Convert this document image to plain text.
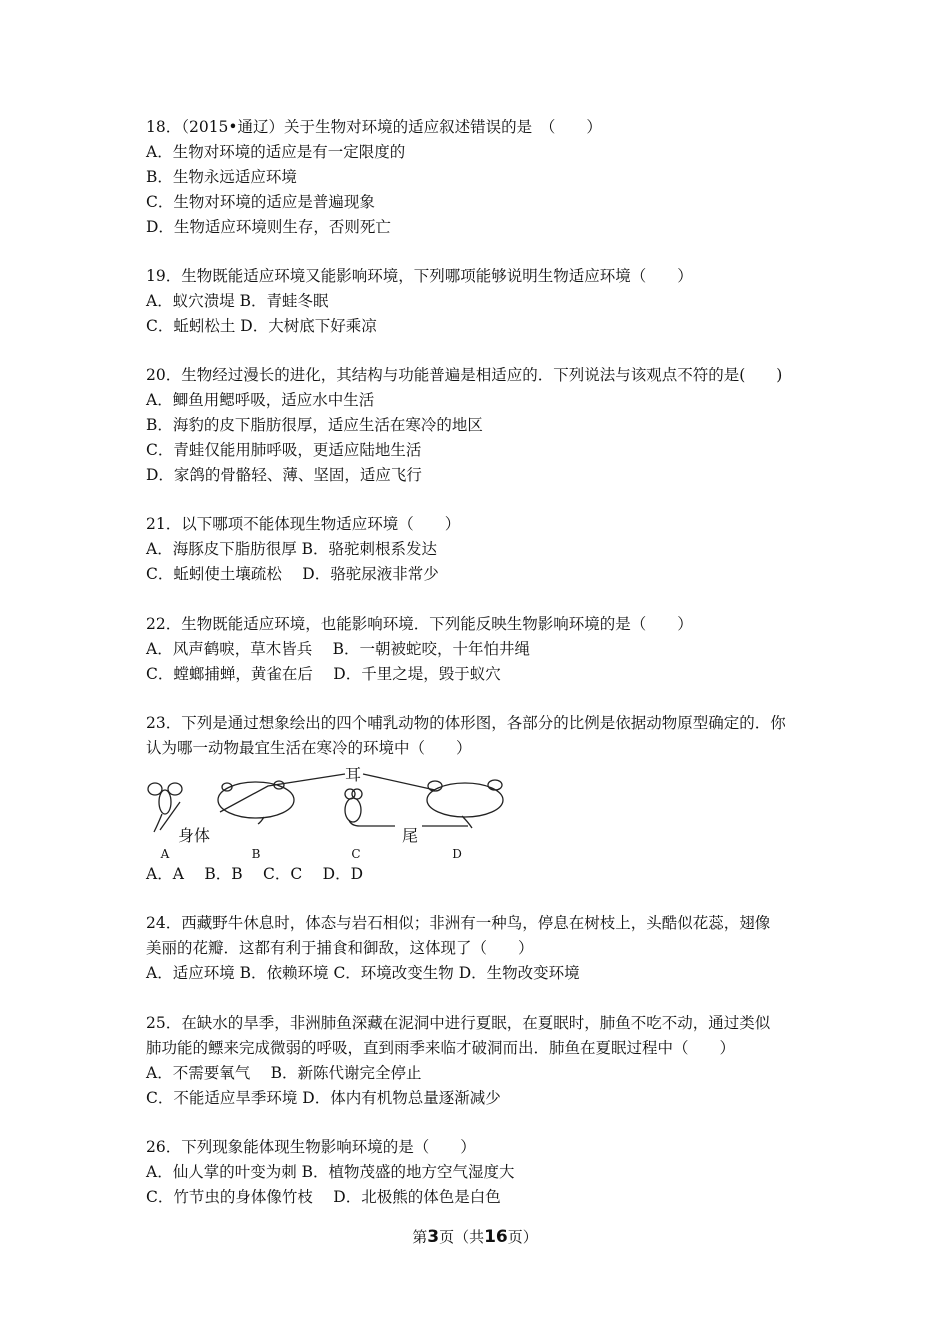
18．（2015•通辽）关于生物对环境的适应叙述错误的是　（　　）
A．生物对环境的适应是有一定限度的
B．生物永远适应环境
C．生物对环境的适应是普遍现象
D．生物适应环境则生存，否则死亡
19．生物既能适应环境又能影响环境，下列哪项能够说明生物适应环境（　　）
A．蚁穴溃堤 B．青蛙冬眠
C．蚯蚓松土 D．大树底下好乘凉
20．生物经过漫长的进化，其结构与功能普遍是相适应的．下列说法与该观点不符的是(　　)
A．鲫鱼用鳃呼吸，适应水中生活
B．海豹的皮下脂肪很厚，适应生活在寒冷的地区
C．青蛙仅能用肺呼吸，更适应陆地生活
D．家鸽的骨骼轻、薄、坚固，适应飞行
21．以下哪项不能体现生物适应环境（　　）
A．海豚皮下脂肪很厚 B．骆驼刺根系发达
C．蚯蚓使土壤疏松　 D．骆驼尿液非常少
22．生物既能适应环境，也能影响环境．下列能反映生物影响环境的是（　　）
A．风声鹤唳，草木皆兵　 B．一朝被蛇咬，十年怕井绳
C．螳螂捕蝉，黄雀在后　 D．千里之堤，毁于蚁穴
23．下列是通过想象绘出的四个哺乳动物的体形图，各部分的比例是依据动物原型确定的．你
认为哪一动物最宜生活在寒冷的环境中（　　）
耳
身体	尾
A	B	C	D
A．A　 B．B　 C．C　 D．D
24．西藏野牛休息时，体态与岩石相似；非洲有一种鸟，停息在树枝上，头酷似花蕊，翅像
美丽的花瓣．这都有利于捕食和御敌，这体现了（　　）
A．适应环境 B．依赖环境 C．环境改变生物 D．生物改变环境
25．在缺水的旱季，非洲肺鱼深藏在泥洞中进行夏眠，在夏眠时，肺鱼不吃不动，通过类似
肺功能的鳔来完成微弱的呼吸，直到雨季来临才破洞而出．肺鱼在夏眠过程中（　　）
A．不需要氧气　 B．新陈代谢完全停止
C．不能适应旱季环境 D．体内有机物总量逐渐减少
26．下列现象能体现生物影响环境的是（　　）
A．仙人掌的叶变为刺 B．植物茂盛的地方空气湿度大
C．竹节虫的身体像竹枝　 D．北极熊的体色是白色
第3页（共16页）
